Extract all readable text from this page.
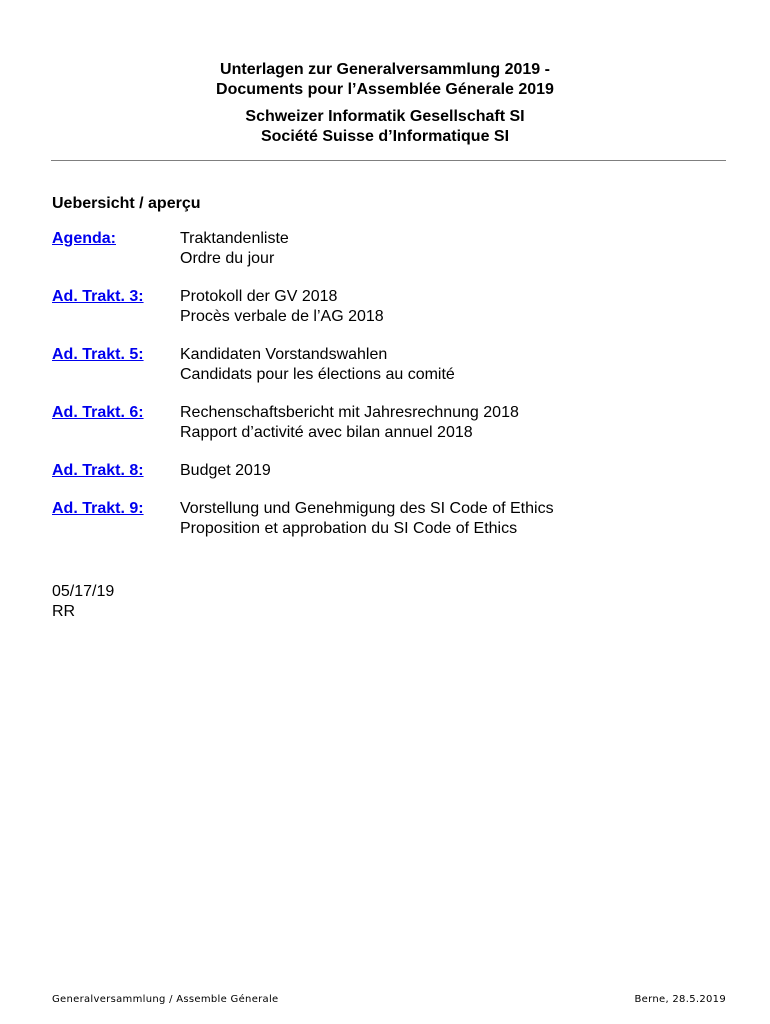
Unterlagen zur Generalversammlung 2019 -
Documents pour l’Assemblée Génerale 2019
Schweizer Informatik Gesellschaft SI
Société Suisse d’Informatique SI
Uebersicht / aperçu
Agenda:	Traktandenliste
Ordre du jour
Ad. Trakt. 3:	Protokoll der GV 2018
Procès verbale de l’AG 2018
Ad. Trakt. 5:	Kandidaten Vorstandswahlen
Candidats pour les élections au comité
Ad. Trakt. 6:	Rechenschaftsbericht mit Jahresrechnung 2018
Rapport d’activité avec bilan annuel 2018
Ad. Trakt. 8:	Budget 2019
Ad. Trakt. 9:	Vorstellung und Genehmigung des SI Code of Ethics
Proposition et approbation du SI Code of Ethics
05/17/19
RR
Generalversammlung / Assemble Génerale	Berne, 28.5.2019
